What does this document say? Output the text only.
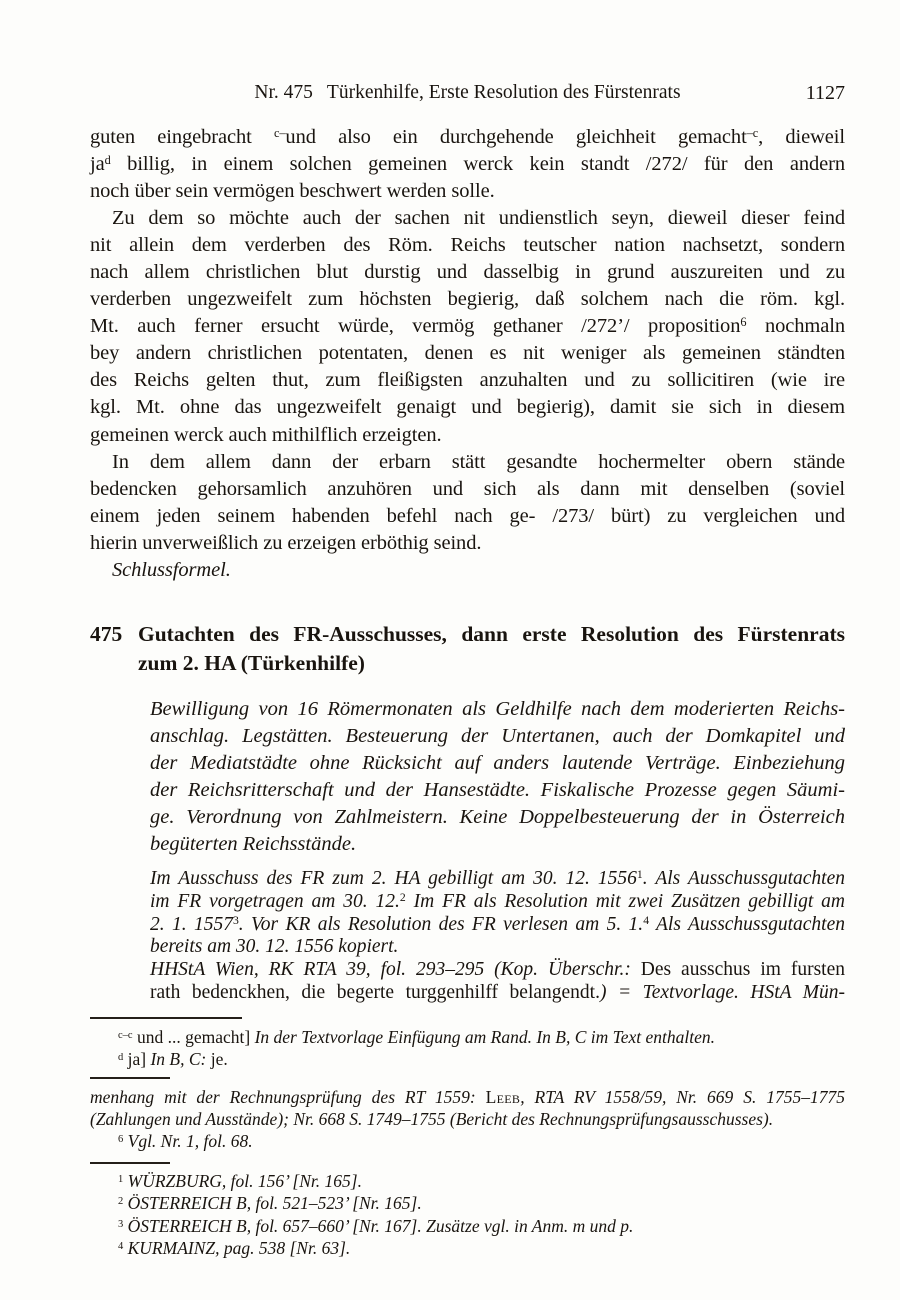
Nr. 475 Türkenhilfe, Erste Resolution des Fürstenrats	1127
guten eingebracht $^{c-}$und also ein durchgehende gleichheit gemacht$^{-c}$, dieweil
$ja^d$ billig, in einem solchen gemeinen werck kein standt /272/ für den andern
noch über sein vermögen beschwert werden solle.
Zu dem so möchte auch der sachen nit undienstlich seyn, dieweil dieser feind
nit allein dem verderben des Röm. Reichs teutscher nation nachsetzt, sondern
nach allem christlichen blut durstig und dasselbig in grund auszureiten und zu
verderben ungezweifelt zum höchsten begierig, daß solchem nach die röm. kgl.
Mt. auch ferner ersucht würde, vermög gethaner /272’/ proposition$^6$ nochmaln
bey andern christlichen potentaten, denen es nit weniger als gemeinen ständten
des Reichs gelten thut, zum fleißigsten anzuhalten und zu sollicitiren (wie ire
kgl. Mt. ohne das ungezweifelt genaigt und begierig), damit sie sich in diesem
gemeinen werck auch mithilflich erzeigten.
In dem allem dann der erbarn stätt gesandte hochermelter obern stände
bedencken gehorsamlich anzuhören und sich als dann mit denselben (soviel
einem jeden seinem habenden befehl nach ge- /273/ bürt) zu vergleichen und
hierin unverweißlich zu erzeigen erböthig seind.
Schlussformel.
475 Gutachten des FR-Ausschusses, dann erste Resolution des Fürstenrats
zum 2. HA (Türkenhilfe)
Bewilligung von 16 Römermonaten als Geldhilfe nach dem moderierten Reichs-
anschlag. Legstätten. Besteuerung der Untertanen, auch der Domkapitel und
der Mediatstädte ohne Rücksicht auf anders lautende Verträge. Einbeziehung
der Reichsritterschaft und der Hansestädte. Fiskalische Prozesse gegen Säumi-
ge. Verordnung von Zahlmeistern. Keine Doppelbesteuerung der in Österreich
begüterten Reichsstände.
Im Ausschuss des FR zum 2. HA gebilligt am 30. 12. 1556$^1$. Als Ausschussgutachten
im FR vorgetragen am 30. 12.$^2$ Im FR als Resolution mit zwei Zusätzen gebilligt am
2. 1. 1557$^3$. Vor KR als Resolution des FR verlesen am 5. 1.$^4$ Als Ausschussgutachten
bereits am 30. 12. 1556 kopiert.
HHStA Wien, RK RTA 39, fol. 293–295 (Kop. Überschr.: Des ausschus im fursten
rath bedenckhen, die begerte turggenhilff belangendt.) = Textvorlage. HStA Mün-
$^{c-c}$ und ... gemacht] In der Textvorlage Einfügung am Rand. In B, C im Text enthalten.
$^d$ ja] In B, C: je.
menhang mit der Rechnungsprüfung des RT 1559: Leeb, RTA RV 1558/59, Nr. 669 S. 1755–1775
(Zahlungen und Ausstände); Nr. 668 S. 1749–1755 (Bericht des Rechnungsprüfungsausschusses).
$^6$ Vgl. Nr. 1, fol. 68.
$^1$ WÜRZBURG, fol. 156’ [Nr. 165].
$^2$ ÖSTERREICH B, fol. 521–523’ [Nr. 165].
$^3$ ÖSTERREICH B, fol. 657–660’ [Nr. 167]. Zusätze vgl. in Anm. m und p.
$^4$ KURMAINZ, pag. 538 [Nr. 63].
